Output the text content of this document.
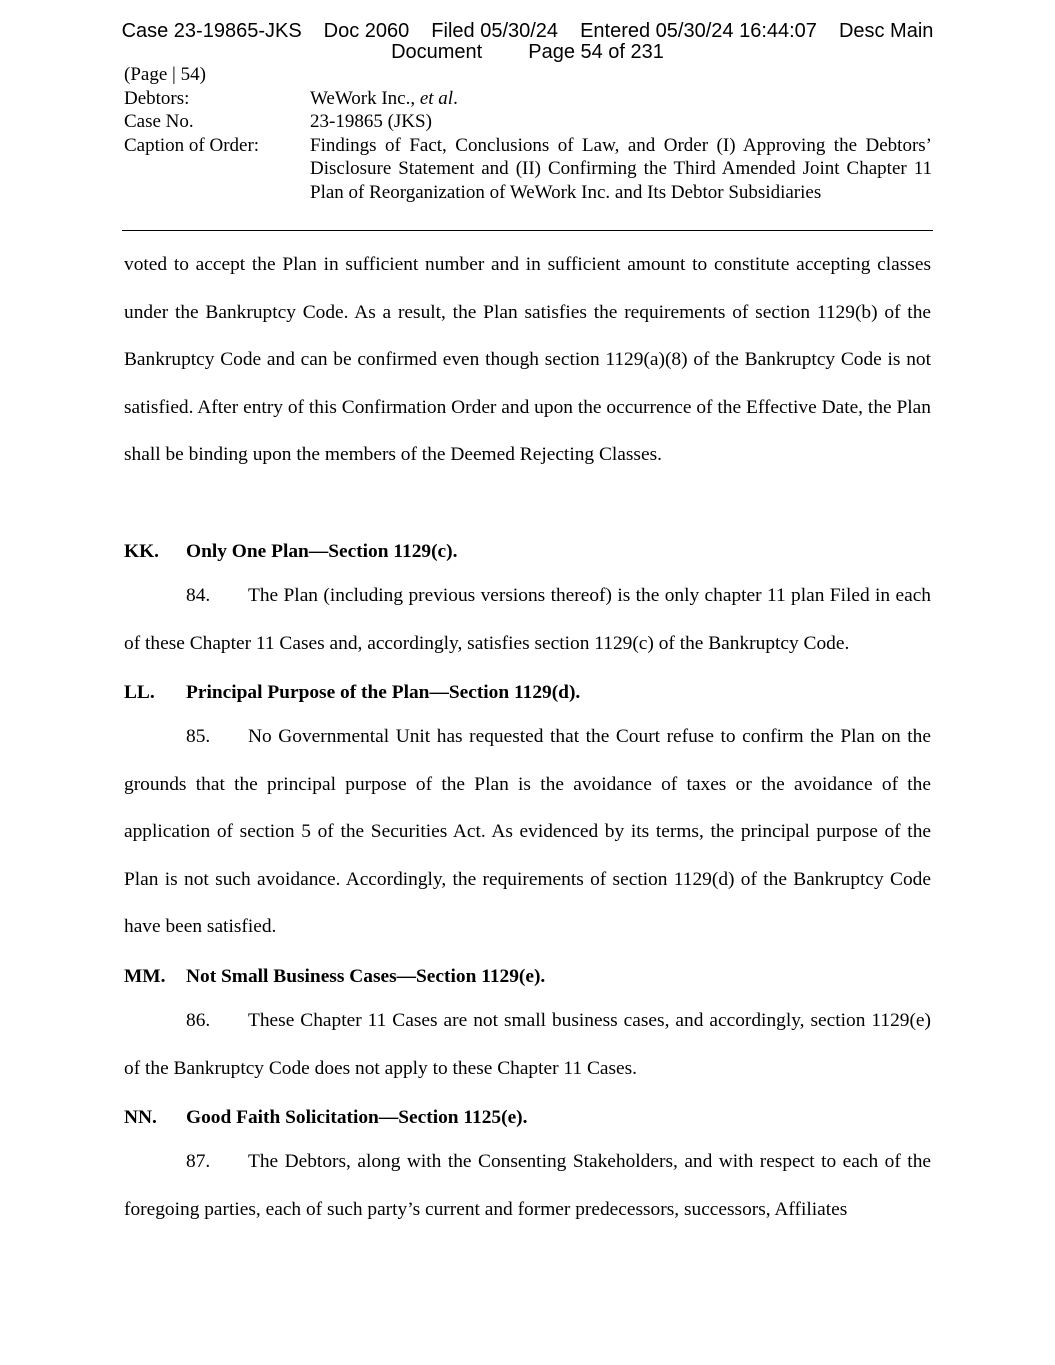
Case 23-19865-JKS Doc 2060 Filed 05/30/24 Entered 05/30/24 16:44:07 Desc Main
Document Page 54 of 231
(Page | 54)
Debtors:	WeWork Inc., et al.
Case No.	23-19865 (JKS)
Caption of Order:	Findings of Fact, Conclusions of Law, and Order (I) Approving the Debtors’ Disclosure Statement and (II) Confirming the Third Amended Joint Chapter 11 Plan of Reorganization of WeWork Inc. and Its Debtor Subsidiaries

voted to accept the Plan in sufficient number and in sufficient amount to constitute accepting classes under the Bankruptcy Code. As a result, the Plan satisfies the requirements of section 1129(b) of the Bankruptcy Code and can be confirmed even though section 1129(a)(8) of the Bankruptcy Code is not satisfied. After entry of this Confirmation Order and upon the occurrence of the Effective Date, the Plan shall be binding upon the members of the Deemed Rejecting Classes.

KK. Only One Plan—Section 1129(c).

84. The Plan (including previous versions thereof) is the only chapter 11 plan Filed in each of these Chapter 11 Cases and, accordingly, satisfies section 1129(c) of the Bankruptcy Code.

LL. Principal Purpose of the Plan—Section 1129(d).

85. No Governmental Unit has requested that the Court refuse to confirm the Plan on the grounds that the principal purpose of the Plan is the avoidance of taxes or the avoidance of the application of section 5 of the Securities Act. As evidenced by its terms, the principal purpose of the Plan is not such avoidance. Accordingly, the requirements of section 1129(d) of the Bankruptcy Code have been satisfied.

MM. Not Small Business Cases—Section 1129(e).

86. These Chapter 11 Cases are not small business cases, and accordingly, section 1129(e) of the Bankruptcy Code does not apply to these Chapter 11 Cases.

NN. Good Faith Solicitation—Section 1125(e).

87. The Debtors, along with the Consenting Stakeholders, and with respect to each of the foregoing parties, each of such party’s current and former predecessors, successors, Affiliates
